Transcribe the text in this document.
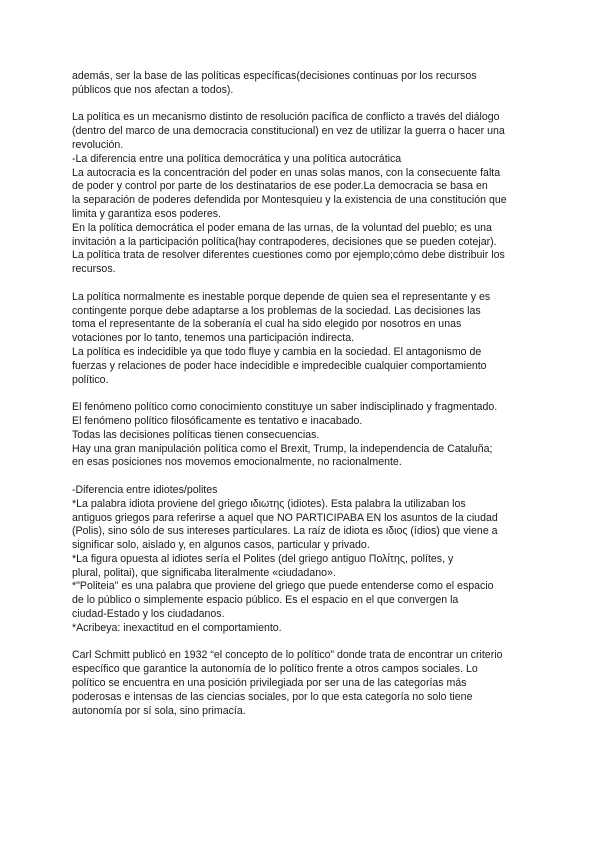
además, ser la base de las políticas específicas(decisiones continuas por los recursos
públicos que nos afectan a todos).
La política es un mecanismo distinto de resolución pacífica de conflicto a través del diálogo
(dentro del marco de una democracia constitucional) en vez de utilizar la guerra o hacer una
revolución.
-La diferencia entre una política democrática y una política autocrática
La autocracia es la concentración del poder en unas solas manos, con la consecuente falta
de poder y control por parte de los destinatarios de ese poder.La democracia se basa en
la separación de poderes defendida por Montesquieu y la existencia de una constitución que
limita y garantiza esos poderes.
En la política democrática el poder emana de las urnas, de la voluntad del pueblo; es una
invitación a la participación política(hay contrapoderes, decisiones que se pueden cotejar).
La política trata de resolver diferentes cuestiones como por ejemplo;cómo debe distribuir los
recursos.
La política normalmente es inestable porque depende de quien sea el representante y es
contingente porque debe adaptarse a los problemas de la sociedad. Las decisiones las
toma el representante de la soberanía el cual ha sido elegido por nosotros en unas
votaciones por lo tanto, tenemos una participación indirecta.
La política es indecidible ya que todo fluye y cambia en la sociedad. El antagonismo de
fuerzas y relaciones de poder hace indecidible e impredecible cualquier comportamiento
político.
El fenómeno político como conocimiento constituye un saber indisciplinado y fragmentado.
El fenómeno político filosóficamente es tentativo e inacabado.
Todas las decisiones políticas tienen consecuencias.
Hay una gran manipulación política como el Brexit, Trump, la independencia de Cataluña;
en esas posiciones nos movemos emocionalmente, no racionalmente.
-Diferencia entre idiotes/polites
*La palabra idiota proviene del griego ιδιωτης (idiotes). Esta palabra la utilizaban los
antiguos griegos para referirse a aquel que NO PARTICIPABA EN los asuntos de la ciudad
(Polis), sino sólo de sus intereses particulares. La raíz de idiota es ιδιος (ídios) que viene a
significar solo, aislado y, en algunos casos, particular y privado.
*La figura opuesta al idiotes sería el Polites (del griego antiguo Πολίτης, polítes, y
plural, politai), que significaba literalmente «ciudadano».
*"Politeia" es una palabra que proviene del griego que puede entenderse como el espacio
de lo público o simplemente espacio público. Es el espacio en el que convergen la
ciudad-Estado y los ciudadanos.
*Acribeya: inexactitud en el comportamiento.
Carl Schmitt publicó en 1932 “el concepto de lo político” donde trata de encontrar un criterio
específico que garantice la autonomía de lo político frente a otros campos sociales. Lo
político se encuentra en una posición privilegiada por ser una de las categorías más
poderosas e intensas de las ciencias sociales, por lo que esta categoría no solo tiene
autonomía por sí sola, sino primacía.
